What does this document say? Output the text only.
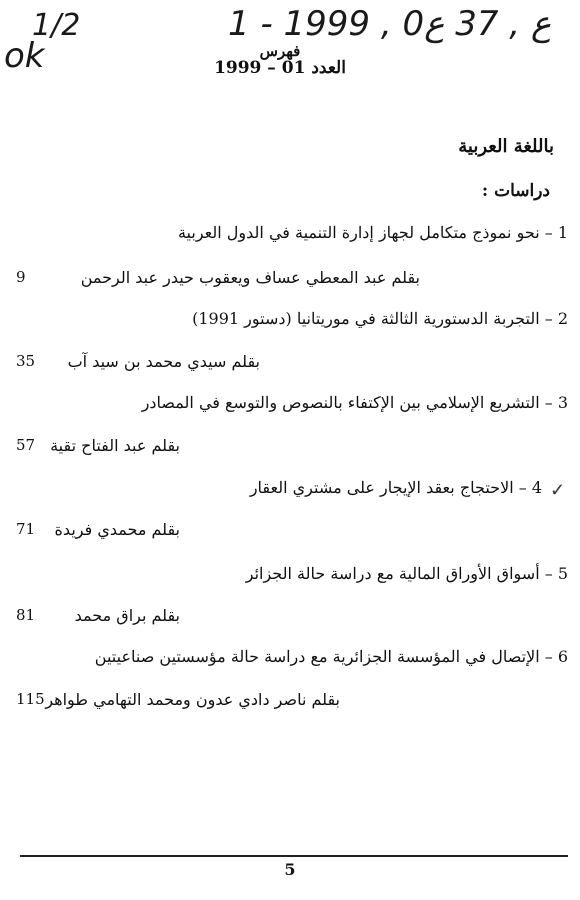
1/2
ok
1 - ع , 37 ع0 , 1999
فهرس
العدد 01 – 1999
باللغة العربية
دراسات :
1 – نحو نموذج متكامل لجهاز إدارة التنمية في الدول العربية
بقلم عبد المعطي عساف ويعقوب حيدر عبد الرحمن
9
2 – التجربة الدستورية الثالثة في موريتانيا (دستور 1991)
بقلم سيدي محمد بن سيد آب
35
3 – التشريع الإسلامي بين الإكتفاء بالنصوص والتوسع في المصادر
بقلم عبد الفتاح تقية
57
4 – الاحتجاج بعقد الإيجار على مشتري العقار ✓
بقلم محمدي فريدة
71
5 – أسواق الأوراق المالية مع دراسة حالة الجزائر
بقلم براق محمد
81
6 – الإتصال في المؤسسة الجزائرية مع دراسة حالة مؤسستين صناعيتين
بقلم ناصر دادي عدون ومحمد التهامي طواهر
115
5
